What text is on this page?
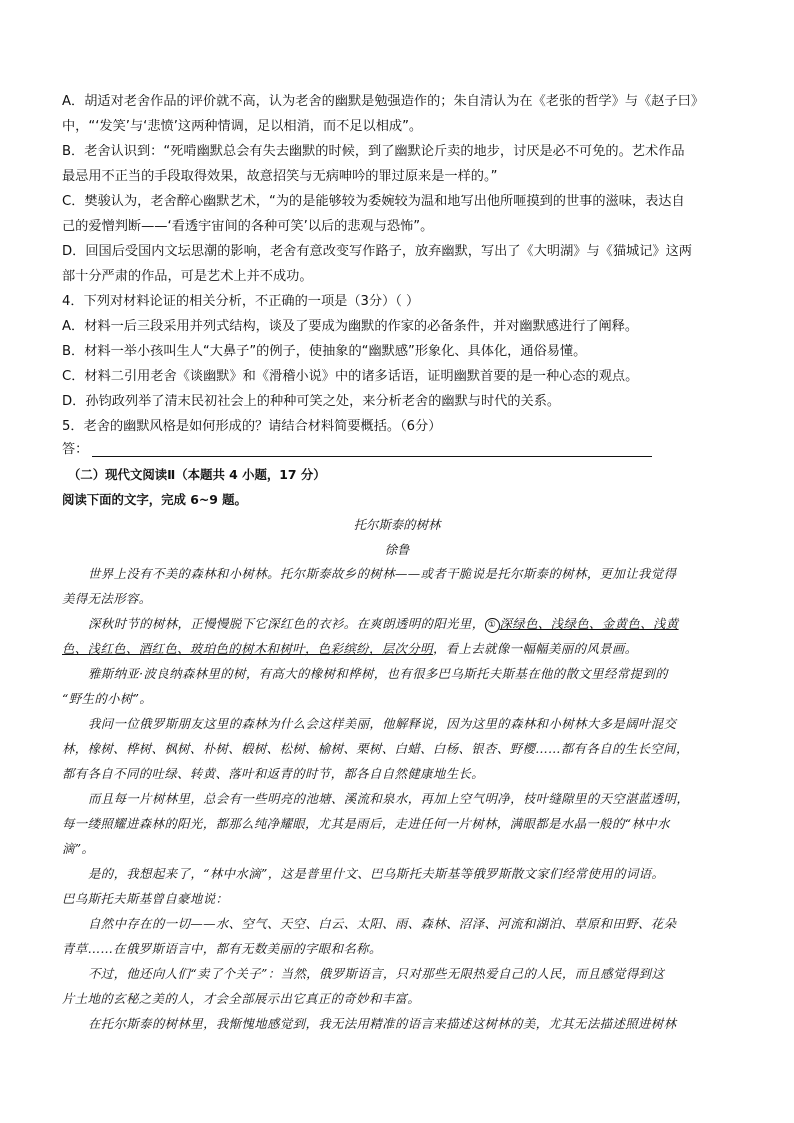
A．胡适对老舍作品的评价就不高，认为老舍的幽默是勉强造作的；朱自清认为在《老张的哲学》与《赵子曰》
中，“‘发笑’与‘悲愤’这两种情调，足以相消，而不足以相成”。
B．老舍认识到：“死啃幽默总会有失去幽默的时候，到了幽默论斤卖的地步，讨厌是必不可免的。艺术作品
最忌用不正当的手段取得效果，故意招笑与无病呻吟的罪过原来是一样的。”
C．樊骏认为，老舍醉心幽默艺术，“为的是能够较为委婉较为温和地写出他所咂摸到的世事的滋味，表达自
己的爱憎判断——‘看透宇宙间的各种可笑’以后的悲观与恐怖”。
D．回国后受国内文坛思潮的影响，老舍有意改变写作路子，放弃幽默，写出了《大明湖》与《猫城记》这两
部十分严肃的作品，可是艺术上并不成功。
4．下列对材料论证的相关分析，不正确的一项是（3分）（ ）
A．材料一后三段采用并列式结构，谈及了要成为幽默的作家的必备条件，并对幽默感进行了阐释。
B．材料一举小孩叫生人“大鼻子”的例子，使抽象的“幽默感”形象化、具体化，通俗易懂。
C．材料二引用老舍《谈幽默》和《滑稽小说》中的诸多话语，证明幽默首要的是一种心态的观点。
D．孙钧政列举了清末民初社会上的种种可笑之处，来分析老舍的幽默与时代的关系。
5．老舍的幽默风格是如何形成的？请结合材料简要概括。（6分）
答：
（二）现代文阅读Ⅱ（本题共 4 小题，17 分）
阅读下面的文字，完成 6~9 题。
托尔斯泰的树林
徐鲁
世界上没有不美的森林和小树林。托尔斯泰故乡的树林——或者干脆说是托尔斯泰的树林，更加让我觉得
美得无法形容。
深秋时节的树林，正慢慢脱下它深红色的衣衫。在爽朗透明的阳光里， ① 深绿色、浅绿色、金黄色、浅黄
色、浅红色、酒红色、玻珀色的树木和树叶，色彩缤纷，层次分明，看上去就像一幅幅美丽的风景画。
雅斯纳亚·波良纳森林里的树，有高大的橡树和桦树，也有很多巴乌斯托夫斯基在他的散文里经常提到的
“野生的小树”。
我问一位俄罗斯朋友这里的森林为什么会这样美丽，他解释说，因为这里的森林和小树林大多是阔叶混交
林，橡树、桦树、枫树、朴树、椴树、松树、榆树、栗树、白蜡、白杨、银杏、野樱……都有各自的生长空间，
都有各自不同的吐绿、转黄、落叶和返青的时节，都各自自然健康地生长。
而且每一片树林里，总会有一些明亮的池塘、溪流和泉水，再加上空气明净，枝叶缝隙里的天空湛蓝透明，
每一缕照耀进森林的阳光，都那么纯净耀眼，尤其是雨后，走进任何一片树林，满眼都是水晶一般的“林中水
滴”。
是的，我想起来了，“林中水滴”，这是普里什文、巴乌斯托夫斯基等俄罗斯散文家们经常使用的词语。
巴乌斯托夫斯基曾自豪地说：
自然中存在的一切——水、空气、天空、白云、太阳、雨、森林、沼泽、河流和湖泊、草原和田野、花朵
青草……在俄罗斯语言中，都有无数美丽的字眼和名称。
不过，他还向人们“卖了个关子”：当然，俄罗斯语言，只对那些无限热爱自己的人民，而且感觉得到这
片土地的玄秘之美的人，才会全部展示出它真正的奇妙和丰富。
在托尔斯泰的树林里，我惭愧地感觉到，我无法用精准的语言来描述这树林的美，尤其无法描述照进树林
